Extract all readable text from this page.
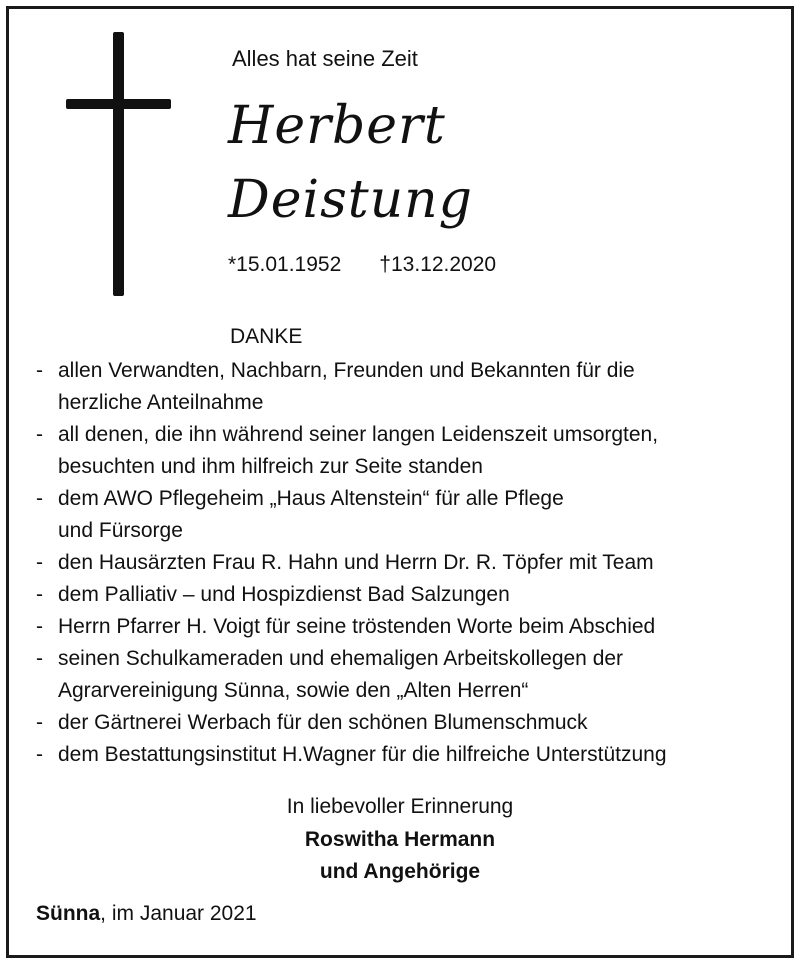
Alles hat seine Zeit
Herbert
Deistung
*15.01.1952 †13.12.2020
DANKE
- allen Verwandten, Nachbarn, Freunden und Bekannten für die
herzliche Anteilnahme
- all denen, die ihn während seiner langen Leidenszeit umsorgten,
besuchten und ihm hilfreich zur Seite standen
- dem AWO Pflegeheim „Haus Altenstein“ für alle Pflege
und Fürsorge
- den Hausärzten Frau R. Hahn und Herrn Dr. R. Töpfer mit Team
- dem Palliativ – und Hospizdienst Bad Salzungen
- Herrn Pfarrer H. Voigt für seine tröstenden Worte beim Abschied
- seinen Schulkameraden und ehemaligen Arbeitskollegen der
Agrarvereinigung Sünna, sowie den „Alten Herren“
- der Gärtnerei Werbach für den schönen Blumenschmuck
- dem Bestattungsinstitut H.Wagner für die hilfreiche Unterstützung
In liebevoller Erinnerung
Roswitha Hermann
und Angehörige
Sünna, im Januar 2021
